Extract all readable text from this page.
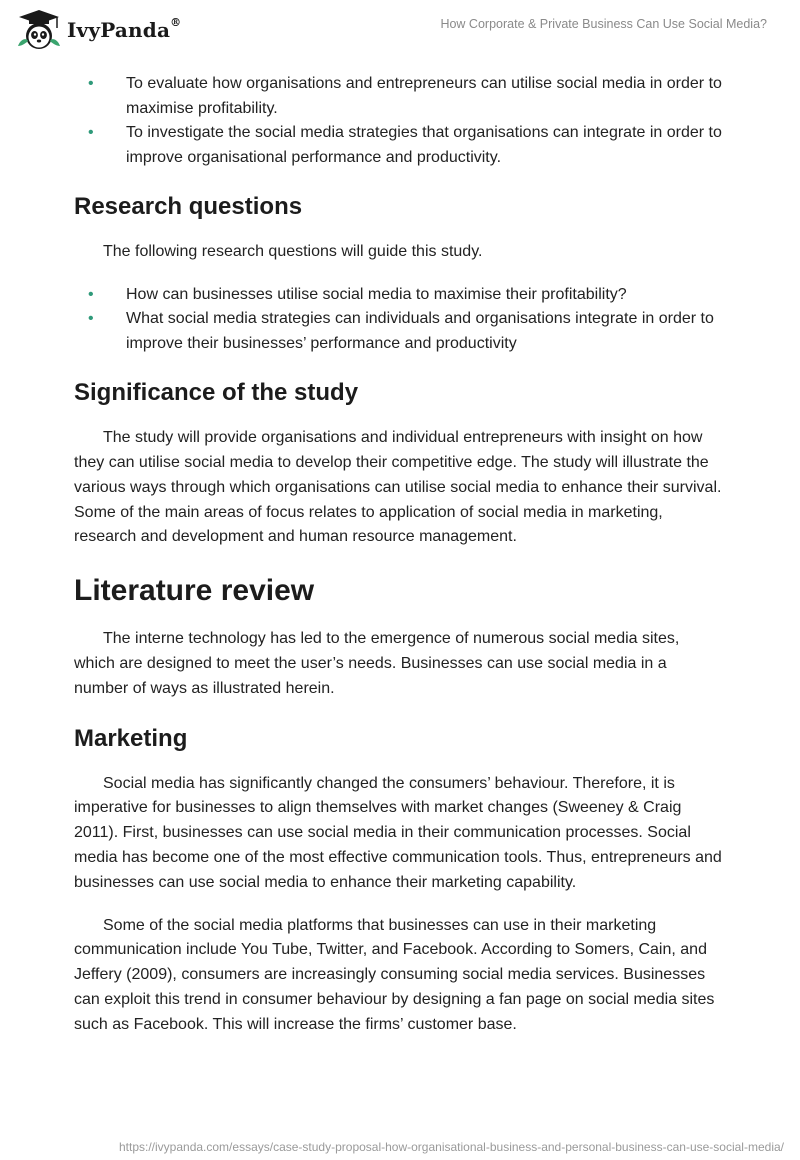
IvyPanda®	How Corporate & Private Business Can Use Social Media?
• To evaluate how organisations and entrepreneurs can utilise social media in order to maximise profitability.
• To investigate the social media strategies that organisations can integrate in order to improve organisational performance and productivity.
Research questions

The following research questions will guide this study.

• How can businesses utilise social media to maximise their profitability?
• What social media strategies can individuals and organisations integrate in order to improve their businesses’ performance and productivity
Significance of the study

The study will provide organisations and individual entrepreneurs with insight on how they can utilise social media to develop their competitive edge. The study will illustrate the various ways through which organisations can utilise social media to enhance their survival. Some of the main areas of focus relates to application of social media in marketing, research and development and human resource management.

Literature review

The interne technology has led to the emergence of numerous social media sites, which are designed to meet the user’s needs. Businesses can use social media in a number of ways as illustrated herein.

Marketing

Social media has significantly changed the consumers’ behaviour. Therefore, it is imperative for businesses to align themselves with market changes (Sweeney & Craig 2011). First, businesses can use social media in their communication processes. Social media has become one of the most effective communication tools. Thus, entrepreneurs and businesses can use social media to enhance their marketing capability.

Some of the social media platforms that businesses can use in their marketing communication include You Tube, Twitter, and Facebook. According to Somers, Cain, and Jeffery (2009), consumers are increasingly consuming social media services. Businesses can exploit this trend in consumer behaviour by designing a fan page on social media sites such as Facebook. This will increase the firms’ customer base.

https://ivypanda.com/essays/case-study-proposal-how-organisational-business-and-personal-business-can-use-social-media/
